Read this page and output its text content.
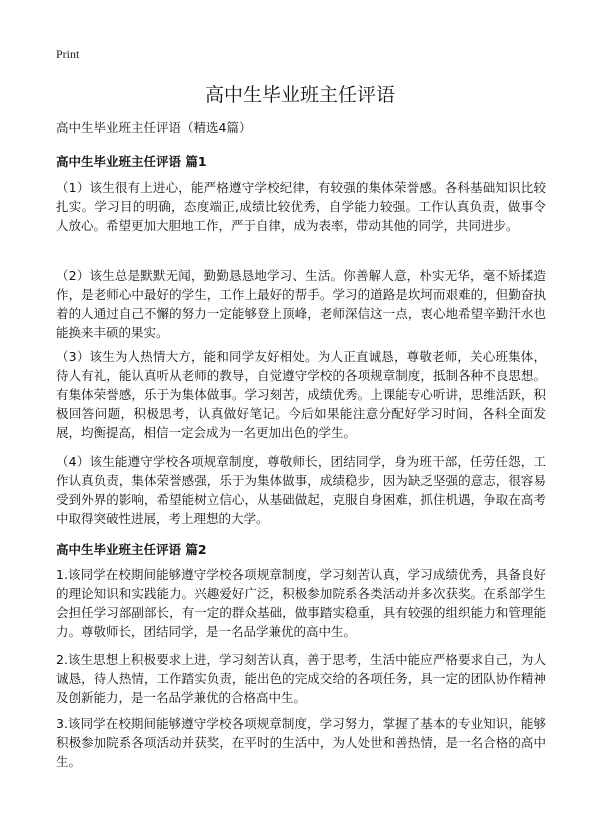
Print
高中生毕业班主任评语
高中生毕业班主任评语（精选4篇）
高中生毕业班主任评语 篇1

（1）该生很有上进心，能严格遵守学校纪律，有较强的集体荣誉感。各科基础知识比较扎实。学习目的明确，态度端正,成绩比较优秀，自学能力较强。工作认真负责，做事令人放心。希望更加大胆地工作，严于自律，成为表率，带动其他的同学，共同进步。

（2）该生总是默默无闻，勤勤恳恳地学习、生活。你善解人意，朴实无华，毫不矫揉造作，是老师心中最好的学生，工作上最好的帮手。学习的道路是坎坷而艰难的，但勤奋执着的人通过自己不懈的努力一定能够登上顶峰，老师深信这一点，衷心地希望辛勤汗水也能换来丰硕的果实。

（3）该生为人热情大方，能和同学友好相处。为人正直诚恳，尊敬老师，关心班集体，待人有礼，能认真听从老师的教导，自觉遵守学校的各项规章制度，抵制各种不良思想。有集体荣誉感，乐于为集体做事。学习刻苦，成绩优秀。上课能专心听讲，思维活跃，积极回答问题，积极思考，认真做好笔记。今后如果能注意分配好学习时间，各科全面发展，均衡提高，相信一定会成为一名更加出色的学生。

（4）该生能遵守学校各项规章制度，尊敬师长，团结同学，身为班干部，任劳任怨，工作认真负责，集体荣誉感强，乐于为集体做事，成绩稳步，因为缺乏坚强的意志，很容易受到外界的影响，希望能树立信心，从基础做起，克服自身困难，抓住机遇，争取在高考中取得突破性进展，考上理想的大学。

高中生毕业班主任评语 篇2

1.该同学在校期间能够遵守学校各项规章制度，学习刻苦认真，学习成绩优秀，具备良好的理论知识和实践能力。兴趣爱好广泛，积极参加院系各类活动并多次获奖。在系部学生会担任学习部副部长，有一定的群众基础，做事踏实稳重，具有较强的组织能力和管理能力。尊敬师长，团结同学，是一名品学兼优的高中生。

2.该生思想上积极要求上进，学习刻苦认真，善于思考，生活中能应严格要求自己，为人诚恳，待人热情，工作踏实负责，能出色的完成交给的各项任务，具一定的团队协作精神及创新能力，是一名品学兼优的合格高中生。

3.该同学在校期间能够遵守学校各项规章制度，学习努力，掌握了基本的专业知识，能够积极参加院系各项活动并获奖，在平时的生活中，为人处世和善热情，是一名合格的高中生。
